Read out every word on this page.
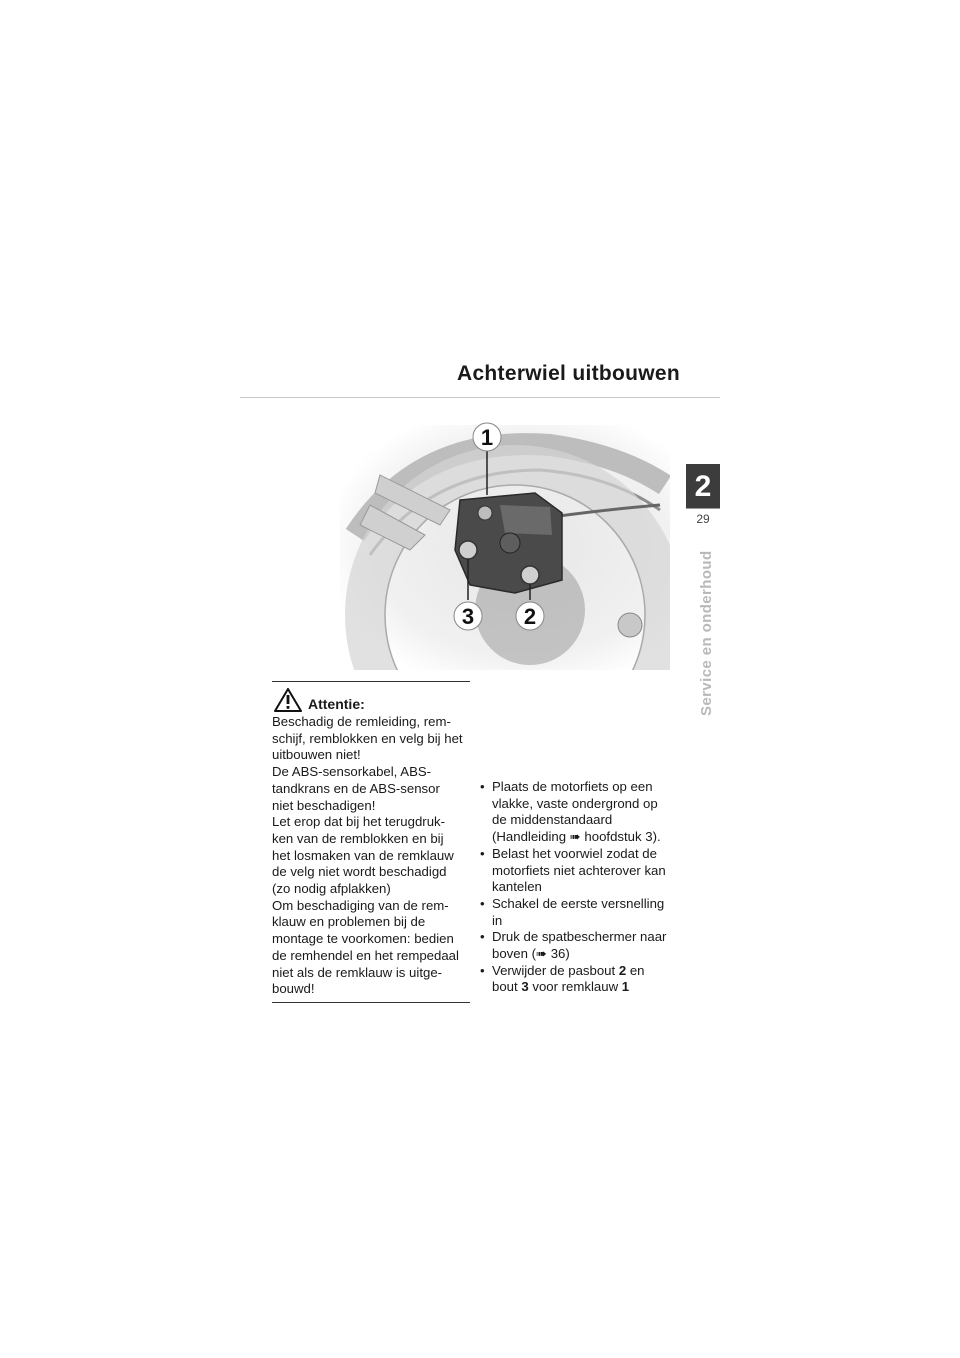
Achterwiel uitbouwen
2
29
Service en onderhoud
1
2
3
Attentie:
Beschadig de remleiding, rem-
schijf, remblokken en velg bij het
uitbouwen niet!
De ABS-sensorkabel, ABS-
tandkrans en de ABS-sensor
niet beschadigen!
Let erop dat bij het terugdruk-
ken van de remblokken en bij
het losmaken van de remklauw
de velg niet wordt beschadigd
(zo nodig afplakken)
Om beschadiging van de rem-
klauw en problemen bij de
montage te voorkomen: bedien
de remhendel en het rempedaal
niet als de remklauw is uitge-
bouwd!
• Plaats de motorfiets op een
vlakke, vaste ondergrond op
de middenstandaard
(Handleiding ➠ hoofdstuk 3).
• Belast het voorwiel zodat de
motorfiets niet achterover kan
kantelen
• Schakel de eerste versnelling
in
• Druk de spatbeschermer naar
boven (➠ 36)
• Verwijder de pasbout 2 en
bout 3 voor remklauw 1
